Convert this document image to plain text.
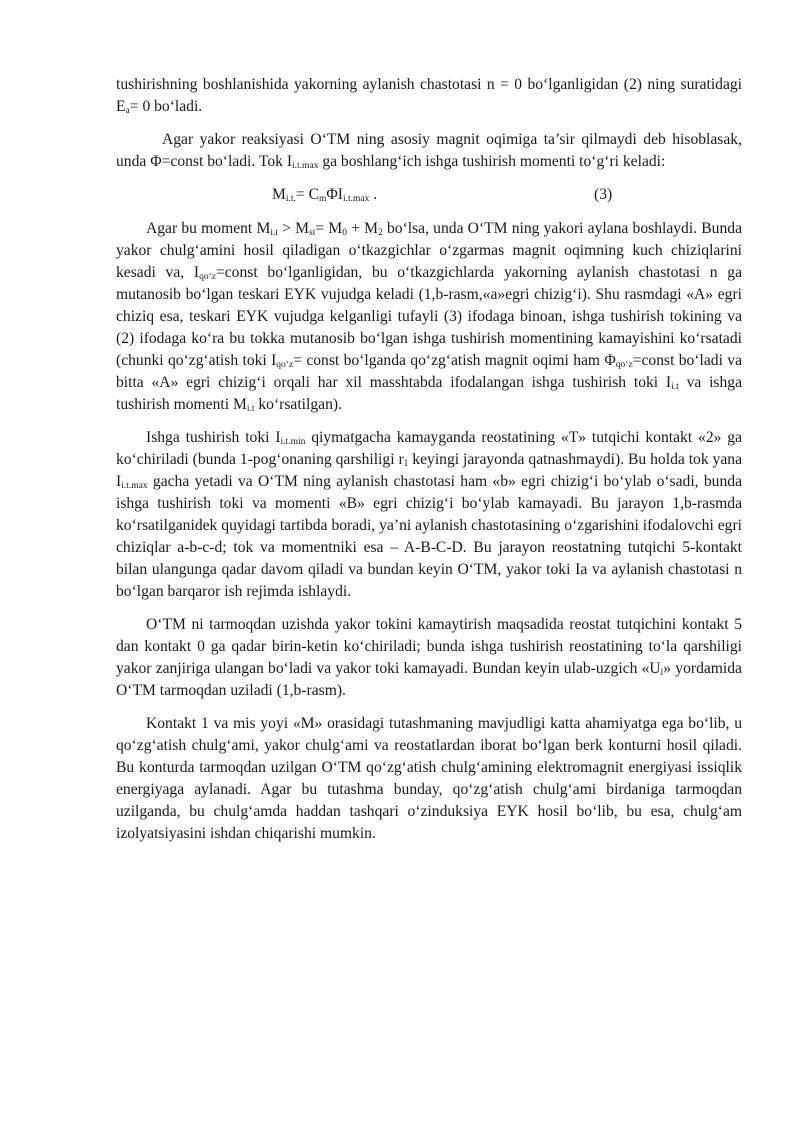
tushirishning boshlanishida yakorning aylanish chastotasi n = 0 bo‘lganligidan (2) ning suratidagi $E_a= 0$ bo‘ladi.

Agar yakor reaksiyasi O‘TM ning asosiy magnit oqimiga ta’sir qilmaydi deb hisoblasak, unda Φ=const bo‘ladi. Tok $I_{i.t.max}$ ga boshlang‘ich ishga tushirish momenti to‘g‘ri keladi:

$M_{i.t.}= C_m\Phi I_{i.t.max}$ .	(3)

Agar bu moment $M_{i.t} > M_{st}= M_0 + M_2$ bo‘lsa, unda O‘TM ning yakori aylana boshlaydi. Bunda yakor chulg‘amini hosil qiladigan o‘tkazgichlar o‘zgarmas magnit oqimning kuch chiziqlarini kesadi va, $I_{qo‘z}=const$ bo‘lganligidan, bu o‘tkazgichlarda yakorning aylanish chastotasi n ga mutanosib bo‘lgan teskari EYK vujudga keladi (1,b-rasm,«a»egri chizig‘i). Shu rasmdagi «A» egri chiziq esa, teskari EYK vujudga kelganligi tufayli (3) ifodaga binoan, ishga tushirish tokining va (2) ifodaga ko‘ra bu tokka mutanosib bo‘lgan ishga tushirish momentining kamayishini ko‘rsatadi (chunki qo‘zg‘atish toki $I_{qo‘z}=$ const bo‘lganda qo‘zg‘atish magnit oqimi ham $\Phi_{qo‘z}=const$ bo‘ladi va bitta «A» egri chizig‘i orqali har xil masshtabda ifodalangan ishga tushirish toki $I_{i.t}$ va ishga tushirish momenti $M_{i.t}$ ko‘rsatilgan).

Ishga tushirish toki $I_{i.t.min}$ qiymatgacha kamayganda reostatining «T» tutqichi kontakt «2» ga ko‘chiriladi (bunda 1-pog‘onaning qarshiligi $r_1$ keyingi jarayonda qatnashmaydi). Bu holda tok yana $I_{i.t.max}$ gacha yetadi va O‘TM ning aylanish chastotasi ham «b» egri chizig‘i bo‘ylab o‘sadi, bunda ishga tushirish toki va momenti «B» egri chizig‘i bo‘ylab kamayadi. Bu jarayon 1,b-rasmda ko‘rsatilganidek quyidagi tartibda boradi, ya’ni aylanish chastotasining o‘zgarishini ifodalovchi egri chiziqlar a-b-c-d; tok va momentniki esa – A-B-C-D. Bu jarayon reostatning tutqichi 5-kontakt bilan ulangunga qadar davom qiladi va bundan keyin O‘TM, yakor toki Ia va aylanish chastotasi n bo‘lgan barqaror ish rejimda ishlaydi.

O‘TM ni tarmoqdan uzishda yakor tokini kamaytirish maqsadida reostat tutqichini kontakt 5 dan kontakt 0 ga qadar birin-ketin ko‘chiriladi; bunda ishga tushirish reostatining to‘la qarshiligi yakor zanjiriga ulangan bo‘ladi va yakor toki kamayadi. Bundan keyin ulab-uzgich «$U_l$» yordamida O‘TM tarmoqdan uziladi (1,b-rasm).

Kontakt 1 va mis yoyi «M» orasidagi tutashmaning mavjudligi katta ahamiyatga ega bo‘lib, u qo‘zg‘atish chulg‘ami, yakor chulg‘ami va reostatlardan iborat bo‘lgan berk konturni hosil qiladi. Bu konturda tarmoqdan uzilgan O‘TM qo‘zg‘atish chulg‘amining elektromagnit energiyasi issiqlik energiyaga aylanadi. Agar bu tutashma bunday, qo‘zg‘atish chulg‘ami birdaniga tarmoqdan uzilganda, bu chulg‘amda haddan tashqari o‘zinduksiya EYK hosil bo‘lib, bu esa, chulg‘am izolyatsiyasini ishdan chiqarishi mumkin.
